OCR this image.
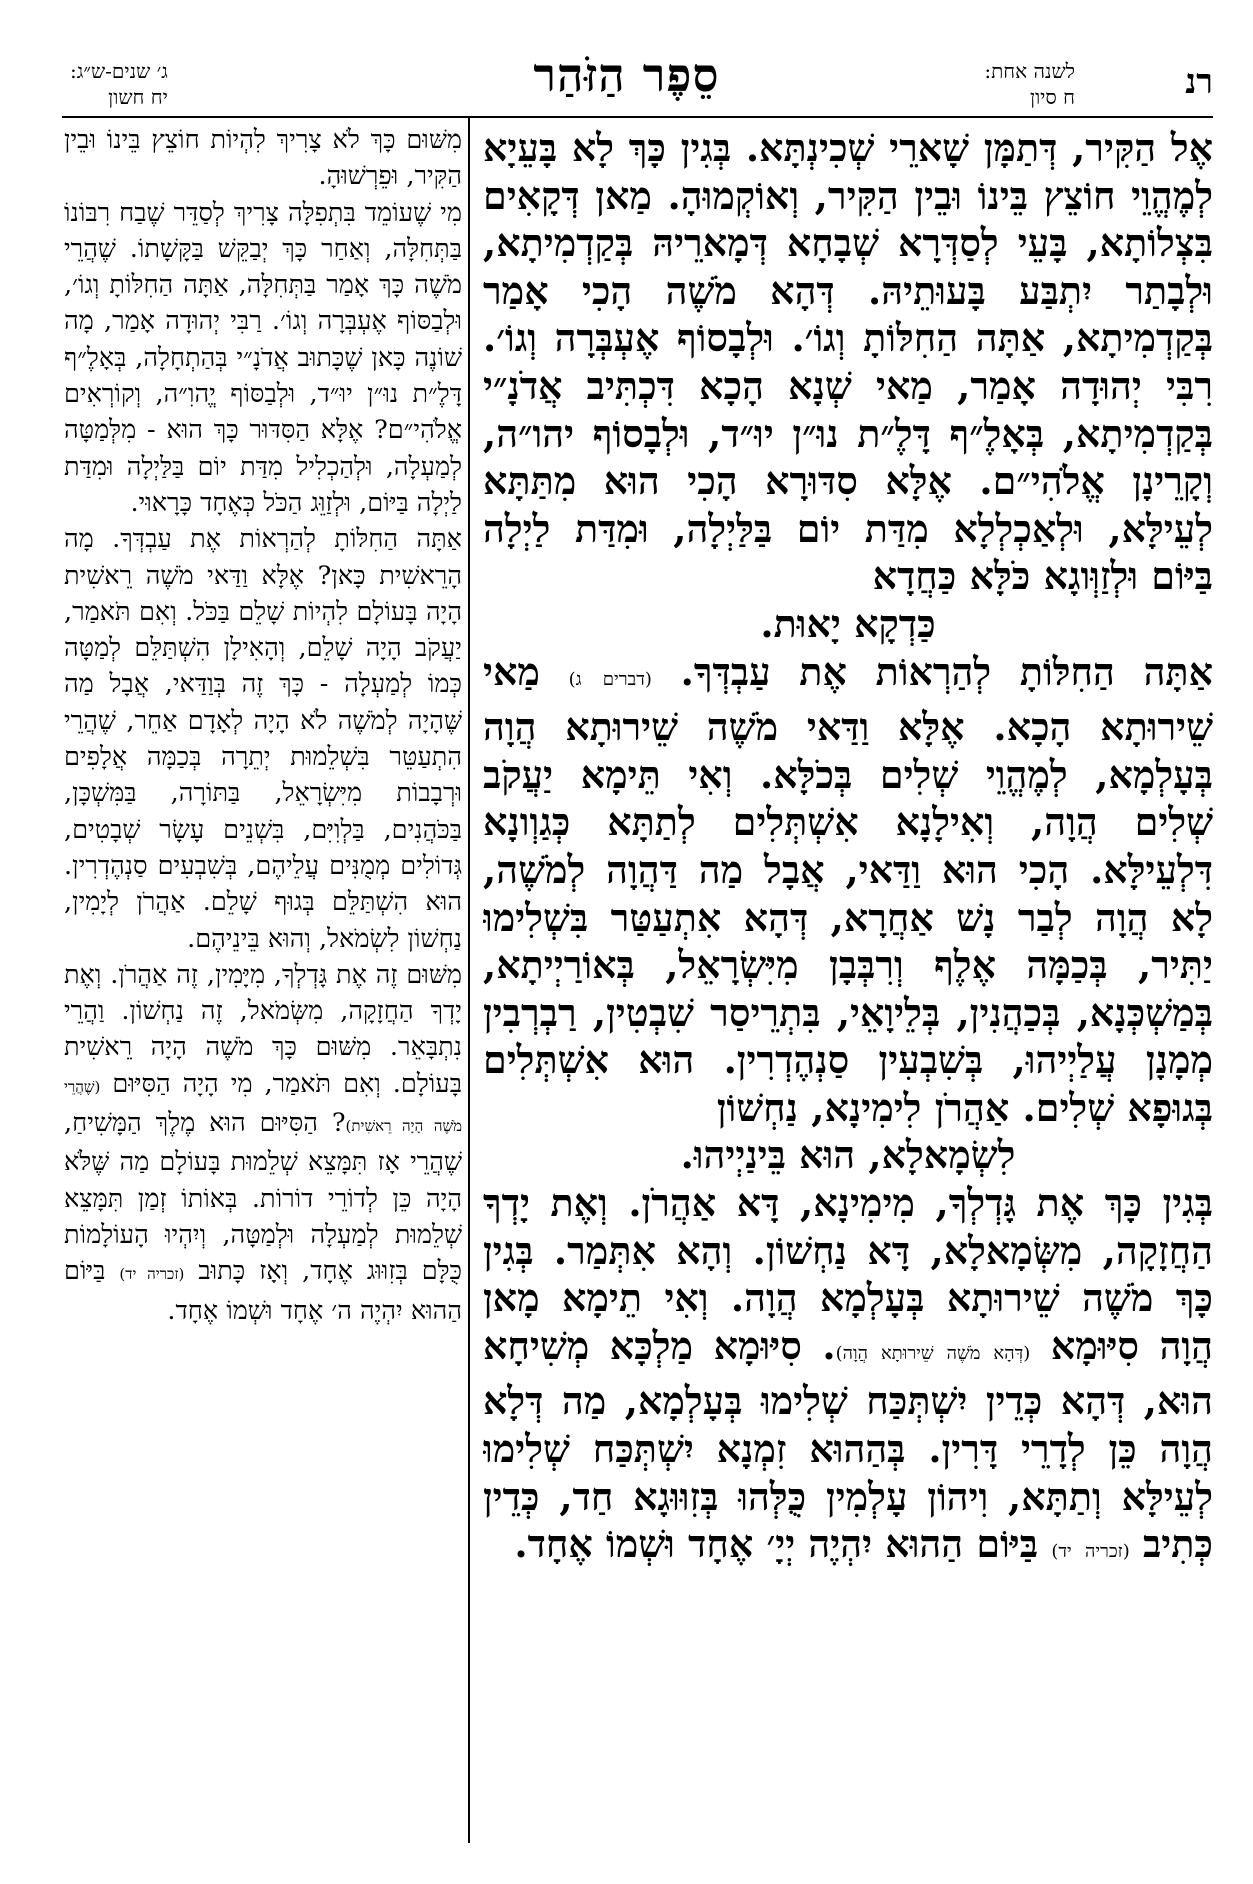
רנ
לשנה אחת:
ח סיון
סֵפֶר הַזֹּהַר
ג׳ שנים-ש״ג:
יח חשון

אֶל הַקִּיר, דְּתַמָּן שָׁארֵי שְׁכִינְתָּא. בְּגִין כָּךְ לָא בָּעֵיָא לְמֶהֱוֵי חוֹצֵץ בֵּינוֹ וּבֵין הַקִּיר, וְאוֹקְמוּהָ. מַאן דְּקָאִים בִּצְלוֹתָא, בָּעֵי לְסַדְּרָא שְׁבָחָא דְּמָארֵיהּ בְּקַדְמִיתָא, וּלְבָתַר יִתְבַּע בָּעוּתֵיהּ. דְּהָא מֹשֶׁה הָכִי אָמַר בְּקַדְמִיתָא, אַתָּה הַחִלּוֹתָ וְגוֹ׳. וּלְבָסוֹף אֶעְבְּרָה וְגוֹ׳. רִבִּי יְהוּדָה אָמַר, מַאי שְׁנָא הָכָא דִּכְתִּיב אֲדֹנָ״י בְּקַדְמִיתָא, בְּאָלֶ״ף דָּלֶ״ת נוּ״ן יוּ״ד, וּלְבָסוֹף יהו״ה, וְקָרֵינָן אֱלֹהִי״ם. אֶלָּא סִדּוּרָא הָכִי הוּא מִתַּתָּא לְעֵילָּא, וּלְאַכְלְלָא מִדַּת יוֹם בַּלַּיְלָה, וּמִדַּת לַיְלָה בַּיּוֹם וּלְזַוְּוגָא כֹּלָּא כַּחֲדָא

כַּדְקָא יָאוּת.

אַתָּה הַחִלּוֹתָ לְהַרְאוֹת אֶת עַבְדְּךָ. (דברים ג) מַאי שֵׁירוּתָא הָכָא. אֶלָּא וַדַּאי מֹשֶׁה שֵׁירוּתָא הֲוָה בְּעָלְמָא, לְמֶהֱוֵי שְׁלִים בְּכֹלָּא. וְאִי תֵּימָא יַעֲקֹב שְׁלִים הֲוָה, וְאִילָנָא אִשְׁתְּלִים לְתַתָּא כְּגַוְונָא דִּלְעֵילָּא. הָכִי הוּא וַדַּאי, אֲבָל מַה דַּהֲוָה לְמֹשֶׁה, לָא הֲוָה לְבַר נָשׁ אַחֲרָא, דְּהָא אִתְעַטַּר בִּשְׁלִימוּ יַתִּיר, בְּכַמָּה אֶלֶף וְרִבְּבָן מִיִּשְׂרָאֵל, בְּאוֹרַיְיתָא, בְּמַשְׁכְּנָא, בְּכַהֲנִין, בְּלֵיוָאֵי, בִּתְרֵיסַר שִׁבְטִין, רַבְרְבִין מְמָנָן עֲלַיְיהוּ, בְּשִׁבְעִין סַנְהֶדְרִין. הוּא אִשְׁתְּלִים בְּגוּפָא שְׁלִים. אַהֲרֹן לִימִינָא, נַחְשׁוֹן

לִשְׂמָאלָא, הוּא בֵּינַיְיהוּ.

בְּגִין כָּךְ אֶת גָּדְלְךָ, מִימִינָא, דָּא אַהֲרֹן. וְאֶת יָדְךָ הַחֲזָקָה, מִשְּׂמָאלָא, דָּא נַחְשׁוֹן. וְהָא אִתְּמַר. בְּגִין כָּךְ מֹשֶׁה שֵׁירוּתָא בְּעָלְמָא הֲוָה. וְאִי תֵימָא מָאן הֲוָה סִיּוּמָא (דְּהָא מֹשֶׁה שֵׁירוּתָא הֲוָה). סִיּוּמָא מַלְכָּא מְשִׁיחָא הוּא, דְּהָא כְּדֵין יִשְׁתְּכַּח שְׁלִימוּ בְּעָלְמָא, מַה דְּלָא הֲוָה כֵּן לְדָרֵי דָּרִין. בְּהַהוּא זִמְנָא יִשְׁתְּכַּח שְׁלִימוּ לְעֵילָּא וְתַתָּא, וִיהוֹן עָלְמִין כֻּלְּהוּ בְּזִוּוּגָא חַד, כְּדֵין כְּתִיב (זכריה יד) בַּיּוֹם הַהוּא יִהְיֶה יְיָ׳ אֶחָד וּשְׁמוֹ אֶחָד.

מִשּׁוּם כָּךְ לֹא צָרִיךְ לִהְיוֹת חוֹצֵץ בֵּינוֹ וּבֵין הַקִּיר, וּפֵרְשׁוּהָ.

מִי שֶׁעוֹמֵד בִּתְפִלָּה צָרִיךְ לְסַדֵּר שֶׁבַח רִבּוֹנוֹ בַּתְּחִלָּה, וְאַחַר כָּךְ יְבַקֵּשׁ בַּקָּשָׁתוֹ. שֶׁהֲרֵי מֹשֶׁה כָּךְ אָמַר בַּתְּחִלָּה, אַתָּה הַחִלּוֹתָ וְגוֹ׳, וּלְבַסּוֹף אֶעְבְּרָה וְגוֹ׳. רַבִּי יְהוּדָה אָמַר, מָה שׁוֹנֶה כָּאן שֶׁכָּתוּב אֲדֹנָ״י בְּהַתְחָלָה, בְּאָלֶ״ף דָּלֶ״ת נוּ״ן יוּ״ד, וּלְבַסּוֹף יֱהוִ״ה, וְקוֹרְאִים אֱלֹהִי״ם? אֶלָּא הַסִּדּוּר כָּךְ הוּא - מִלְּמַטָּה לְמַעְלָה, וּלְהַכְלִיל מִדַּת יוֹם בַּלַּיְלָה וּמִדַּת לַיְלָה בַּיּוֹם, וּלְזַוֵּג הַכֹּל כְּאֶחָד כָּרָאוּי.

אַתָּה הַחִלּוֹתָ לְהַרְאוֹת אֶת עַבְדְּךָ. מָה הָרֵאשִׁית כָּאן? אֶלָּא וַדַּאי מֹשֶׁה רֵאשִׁית הָיָה בָּעוֹלָם לִהְיוֹת שָׁלֵם בַּכֹּל. וְאִם תֹּאמַר, יַעֲקֹב הָיָה שָׁלֵם, וְהָאִילָן הִשְׁתַּלֵּם לְמַטָּה כְּמוֹ לְמַעְלָה - כָּךְ זֶה בְּוַדַּאי, אֲבָל מַה שֶּׁהָיָה לְמֹשֶׁה לֹא הָיָה לְאָדָם אַחֵר, שֶׁהֲרֵי הִתְעַטֵּר בִּשְׁלֵמוּת יְתֵרָה בְּכַמָּה אֲלָפִים וּרְבָבוֹת מִיִּשְׂרָאֵל, בַּתּוֹרָה, בַּמִּשְׁכָּן, בַּכֹּהֲנִים, בַּלְוִיִּם, בִּשְׁנֵים עָשָׂר שְׁבָטִים, גְּדוֹלִים מְמֻנִּים עֲלֵיהֶם, בְּשִׁבְעִים סַנְהֶדְרִין. הוּא הִשְׁתַּלֵּם בְּגוּף שָׁלֵם. אַהֲרֹן לְיָמִין, נַחְשׁוֹן לִשְׂמֹאל, וְהוּא בֵּינֵיהֶם.

מִשּׁוּם זֶה אֶת גָּדְלְךָ, מִיָּמִין, זֶה אַהֲרֹן. וְאֶת יָדְךָ הַחֲזָקָה, מִשְּׂמֹאל, זֶה נַחְשׁוֹן. וַהֲרֵי נִתְבָּאֵר. מִשּׁוּם כָּךְ מֹשֶׁה הָיָה רֵאשִׁית בָּעוֹלָם. וְאִם תֹּאמַר, מִי הָיָה הַסִּיּוּם (שֶׁהֲרֵי מֹשֶׁה הָיָה רֵאשִׁית)? הַסִּיּוּם הוּא מֶלֶךְ הַמָּשִׁיחַ, שֶׁהֲרֵי אָז תִּמָּצֵא שְׁלֵמוּת בָּעוֹלָם מַה שֶּׁלֹּא הָיָה כֵּן לְדוֹרֵי דוֹרוֹת. בְּאוֹתוֹ זְמַן תִּמָּצֵא שְׁלֵמוּת לְמַעְלָה וּלְמַטָּה, וְיִהְיוּ הָעוֹלָמוֹת כֻּלָּם בְּזִוּוּג אֶחָד, וְאָז כָּתוּב (זכריה יד) בַּיּוֹם הַהוּא יִהְיֶה ה׳ אֶחָד וּשְׁמוֹ אֶחָד.
